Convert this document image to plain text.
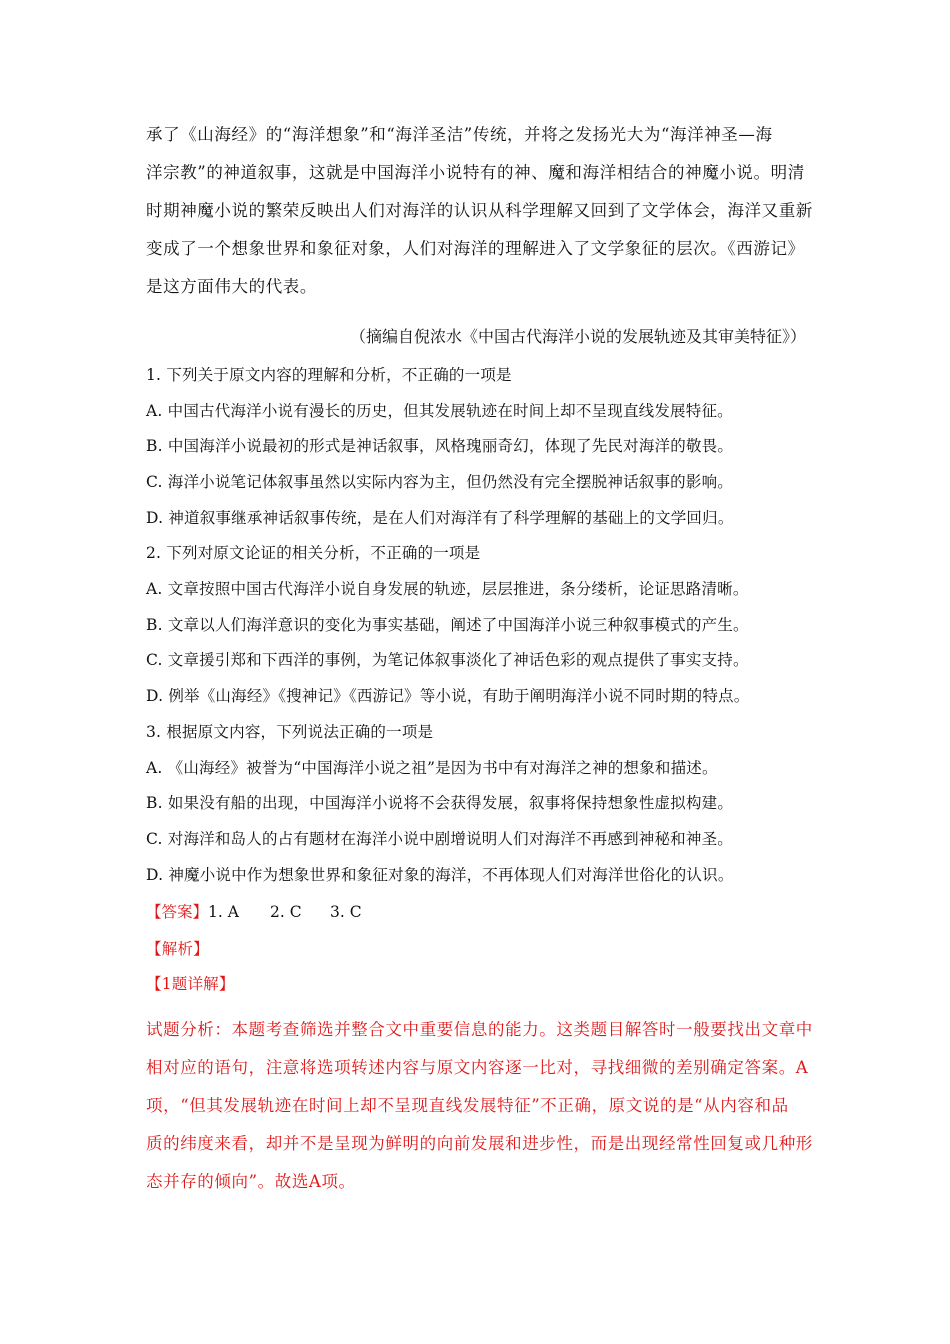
承了《山海经》的“海洋想象”和“海洋圣洁”传统，并将之发扬光大为“海洋神圣—海
洋宗教”的神道叙事，这就是中国海洋小说特有的神、魔和海洋相结合的神魔小说。明清
时期神魔小说的繁荣反映出人们对海洋的认识从科学理解又回到了文学体会，海洋又重新
变成了一个想象世界和象征对象，人们对海洋的理解进入了文学象征的层次。《西游记》
是这方面伟大的代表。
（摘编自倪浓水《中国古代海洋小说的发展轨迹及其审美特征》）
1. 下列关于原文内容的理解和分析，不正确的一项是
A. 中国古代海洋小说有漫长的历史，但其发展轨迹在时间上却不呈现直线发展特征。
B. 中国海洋小说最初的形式是神话叙事，风格瑰丽奇幻，体现了先民对海洋的敬畏。
C. 海洋小说笔记体叙事虽然以实际内容为主，但仍然没有完全摆脱神话叙事的影响。
D. 神道叙事继承神话叙事传统，是在人们对海洋有了科学理解的基础上的文学回归。
2. 下列对原文论证的相关分析，不正确的一项是
A. 文章按照中国古代海洋小说自身发展的轨迹，层层推进，条分缕析，论证思路清晰。
B. 文章以人们海洋意识的变化为事实基础，阐述了中国海洋小说三种叙事模式的产生。
C. 文章援引郑和下西洋的事例，为笔记体叙事淡化了神话色彩的观点提供了事实支持。
D. 例举《山海经》《搜神记》《西游记》等小说，有助于阐明海洋小说不同时期的特点。
3. 根据原文内容，下列说法正确的一项是
A. 《山海经》被誉为“中国海洋小说之祖”是因为书中有对海洋之神的想象和描述。
B. 如果没有船的出现，中国海洋小说将不会获得发展，叙事将保持想象性虚拟构建。
C. 对海洋和岛人的占有题材在海洋小说中剧增说明人们对海洋不再感到神秘和神圣。
D. 神魔小说中作为想象世界和象征对象的海洋，不再体现人们对海洋世俗化的认识。
【答案】1. A 2. C 3. C
【解析】
【1题详解】
试题分析：本题考查筛选并整合文中重要信息的能力。这类题目解答时一般要找出文章中
相对应的语句，注意将选项转述内容与原文内容逐一比对，寻找细微的差别确定答案。A
项，“但其发展轨迹在时间上却不呈现直线发展特征”不正确，原文说的是“从内容和品
质的纬度来看，却并不是呈现为鲜明的向前发展和进步性，而是出现经常性回复或几种形
态并存的倾向”。故选A项。
